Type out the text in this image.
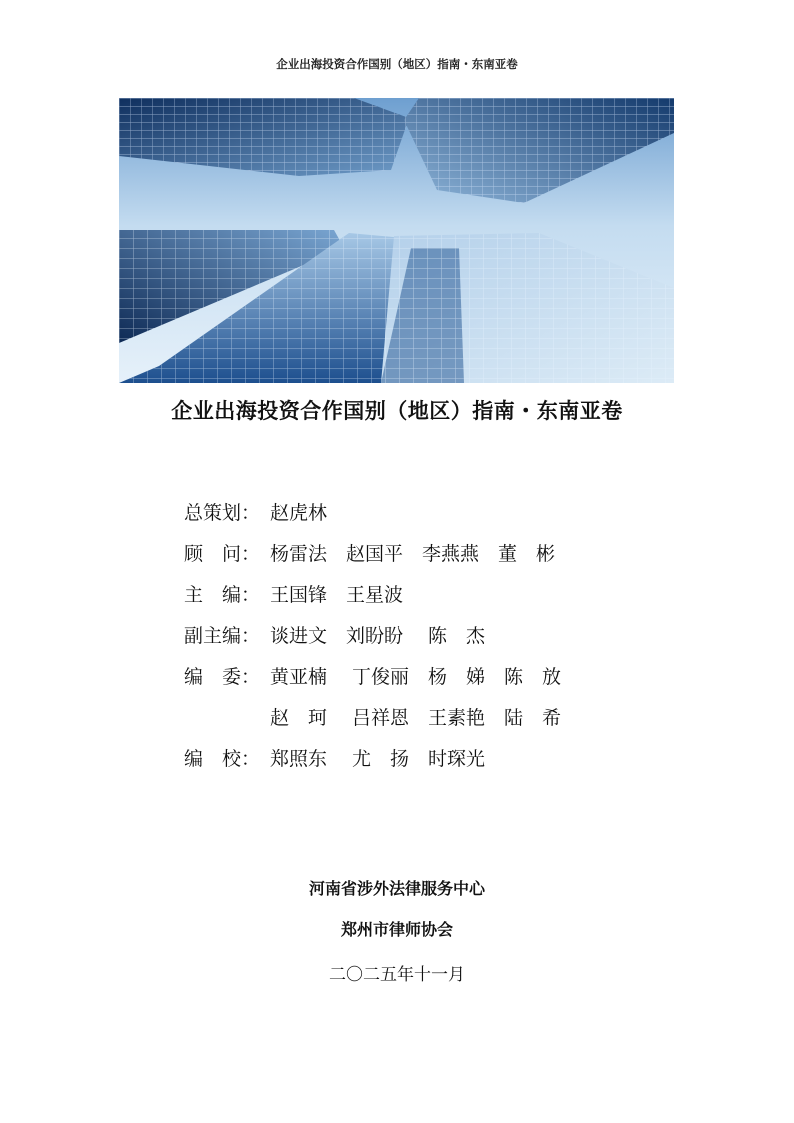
企业出海投资合作国别（地区）指南・东南亚卷
企业出海投资合作国别（地区）指南・东南亚卷
总策划： 赵虎林
顾　问： 杨雷法　赵国平　李燕燕　董　彬
主　编： 王国锋　王星波
副主编： 谈进文　刘盼盼　 陈　杰
编　委： 黄亚楠　 丁俊丽　杨　娣　陈　放
赵　珂　 吕祥恩　王素艳　陆　希
编　校： 郑照东　 尤　扬　时琛光
河南省涉外法律服务中心
郑州市律师协会
二〇二五年十一月
